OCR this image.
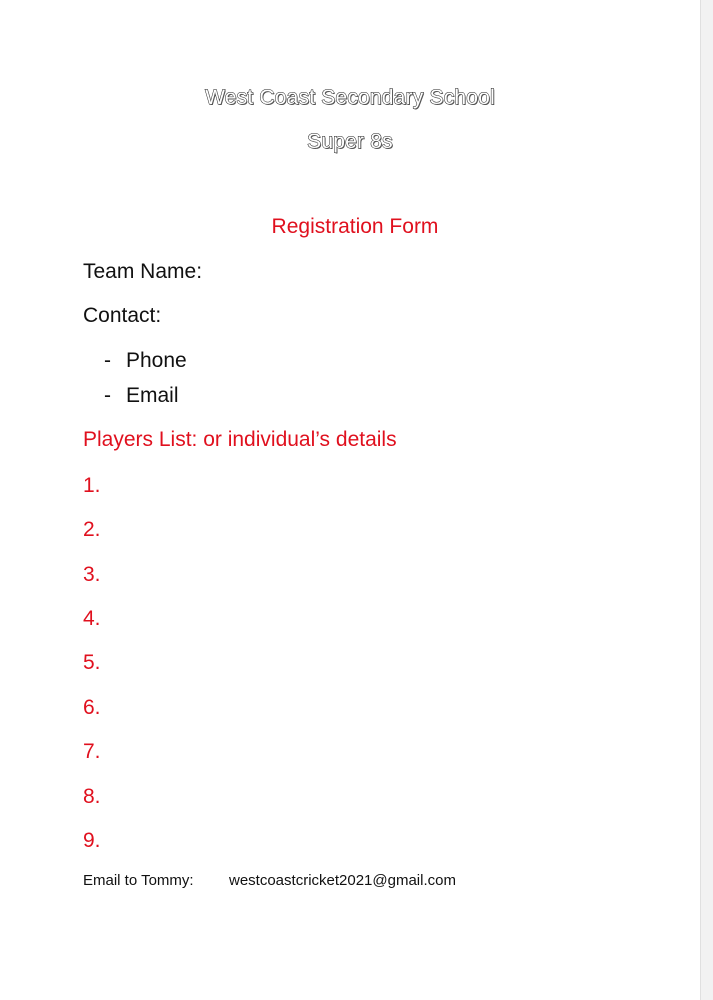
West Coast Secondary School
Super 8s
Registration Form
Team Name:
Contact:
- Phone
- Email
Players List: or individual’s details
1.
2.
3.
4.
5.
6.
7.
8.
9.
Email to Tommy: westcoastcricket2021@gmail.com
